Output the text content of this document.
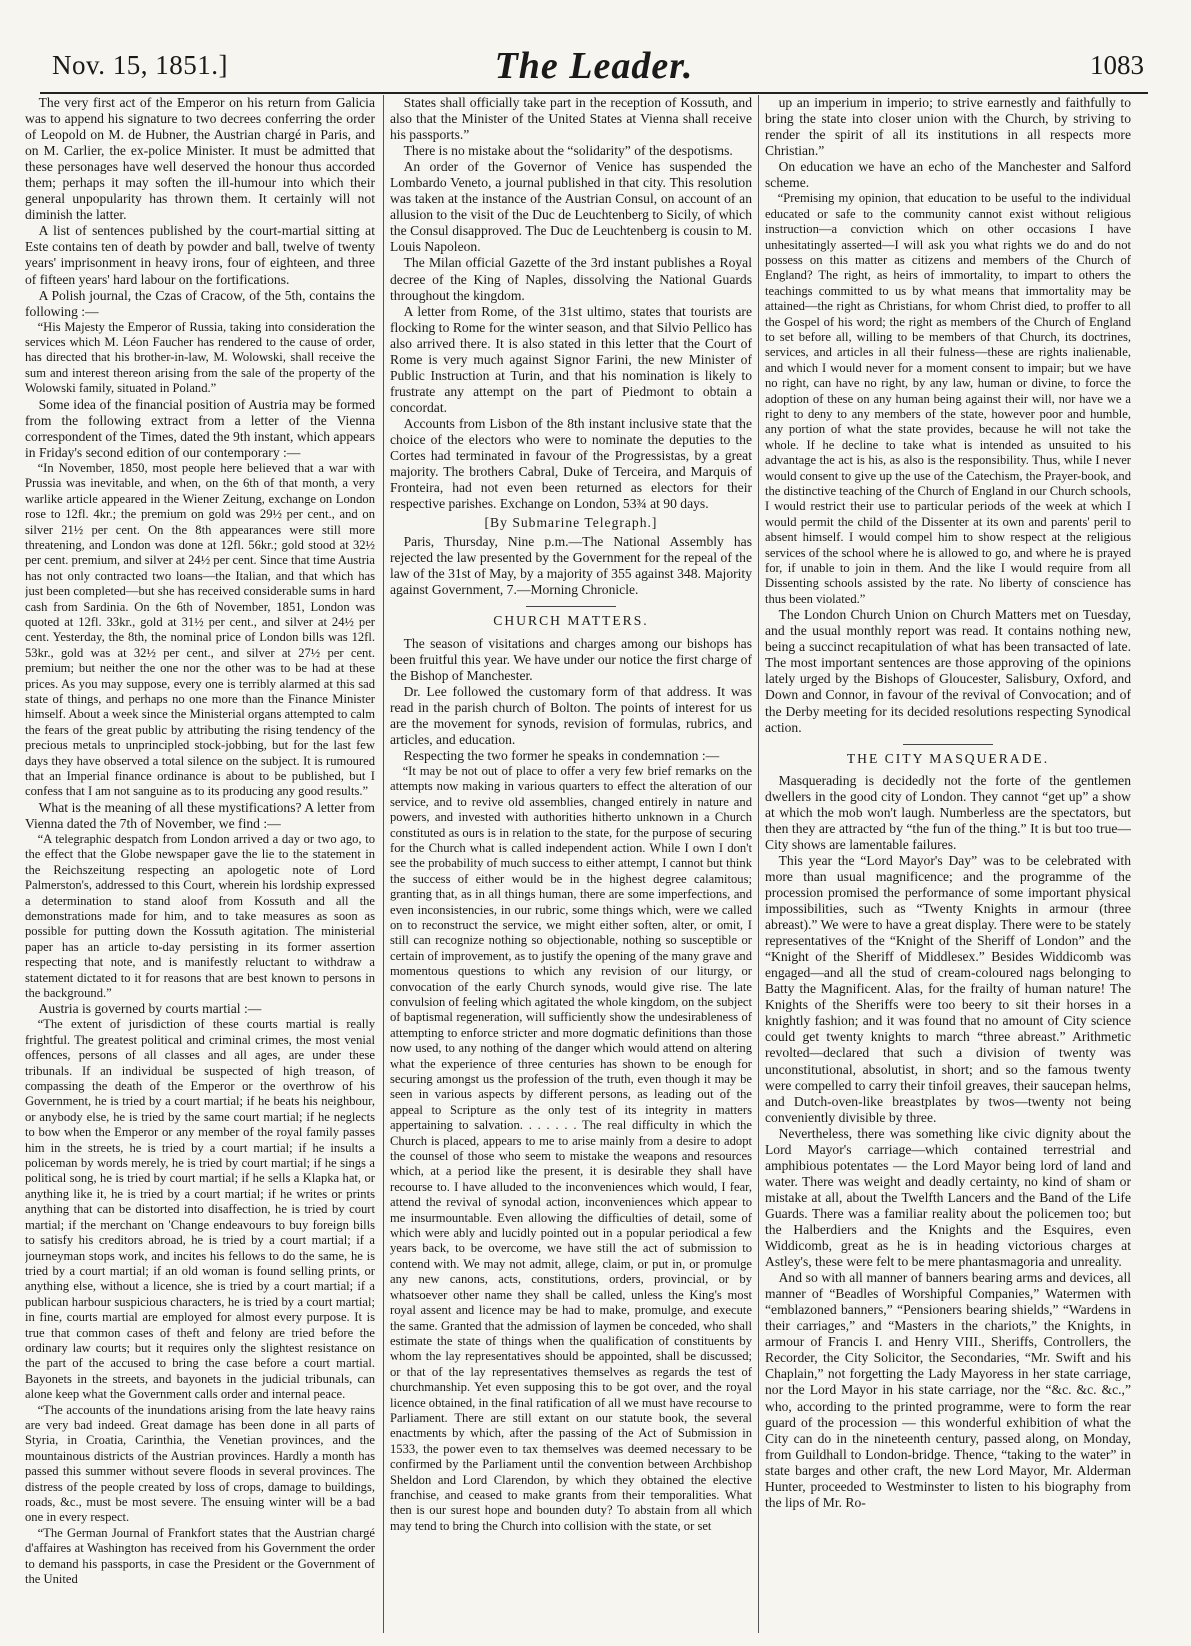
Nov. 15, 1851.]	The Leader.	1083

The very first act of the Emperor on his return from Galicia was to append his signature to two decrees conferring the order of Leopold on M. de Hubner, the Austrian chargé in Paris, and on M. Carlier, the ex-police Minister. It must be admitted that these personages have well deserved the honour thus accorded them; perhaps it may soften the ill-humour into which their general unpopularity has thrown them. It certainly will not diminish the latter.

A list of sentences published by the court-martial sitting at Este contains ten of death by powder and ball, twelve of twenty years' imprisonment in heavy irons, four of eighteen, and three of fifteen years' hard labour on the fortifications.

A Polish journal, the Czas of Cracow, of the 5th, contains the following :—

“His Majesty the Emperor of Russia, taking into consideration the services which M. Léon Faucher has rendered to the cause of order, has directed that his brother-in-law, M. Wolowski, shall receive the sum and interest thereon arising from the sale of the property of the Wolowski family, situated in Poland.”

Some idea of the financial position of Austria may be formed from the following extract from a letter of the Vienna correspondent of the Times, dated the 9th instant, which appears in Friday's second edition of our contemporary :—

“In November, 1850, most people here believed that a war with Prussia was inevitable, and when, on the 6th of that month, a very warlike article appeared in the Wiener Zeitung, exchange on London rose to 12fl. 4kr.; the premium on gold was 29½ per cent., and on silver 21½ per cent. On the 8th appearances were still more threatening, and London was done at 12fl. 56kr.; gold stood at 32½ per cent. premium, and silver at 24½ per cent. Since that time Austria has not only contracted two loans—the Italian, and that which has just been completed—but she has received considerable sums in hard cash from Sardinia. On the 6th of November, 1851, London was quoted at 12fl. 33kr., gold at 31½ per cent., and silver at 24½ per cent. Yesterday, the 8th, the nominal price of London bills was 12fl. 53kr., gold was at 32½ per cent., and silver at 27½ per cent. premium; but neither the one nor the other was to be had at these prices. As you may suppose, every one is terribly alarmed at this sad state of things, and perhaps no one more than the Finance Minister himself. About a week since the Ministerial organs attempted to calm the fears of the great public by attributing the rising tendency of the precious metals to unprincipled stock-jobbing, but for the last few days they have observed a total silence on the subject. It is rumoured that an Imperial finance ordinance is about to be published, but I confess that I am not sanguine as to its producing any good results.”

What is the meaning of all these mystifications? A letter from Vienna dated the 7th of November, we find :—

“A telegraphic despatch from London arrived a day or two ago, to the effect that the Globe newspaper gave the lie to the statement in the Reichszeitung respecting an apologetic note of Lord Palmerston's, addressed to this Court, wherein his lordship expressed a determination to stand aloof from Kossuth and all the demonstrations made for him, and to take measures as soon as possible for putting down the Kossuth agitation. The ministerial paper has an article to-day persisting in its former assertion respecting that note, and is manifestly reluctant to withdraw a statement dictated to it for reasons that are best known to persons in the background.”

Austria is governed by courts martial :—

“The extent of jurisdiction of these courts martial is really frightful. The greatest political and criminal crimes, the most venial offences, persons of all classes and all ages, are under these tribunals. If an individual be suspected of high treason, of compassing the death of the Emperor or the overthrow of his Government, he is tried by a court martial; if he beats his neighbour, or anybody else, he is tried by the same court martial; if he neglects to bow when the Emperor or any member of the royal family passes him in the streets, he is tried by a court martial; if he insults a policeman by words merely, he is tried by court martial; if he sings a political song, he is tried by court martial; if he sells a Klapka hat, or anything like it, he is tried by a court martial; if he writes or prints anything that can be distorted into disaffection, he is tried by court martial; if the merchant on 'Change endeavours to buy foreign bills to satisfy his creditors abroad, he is tried by a court martial; if a journeyman stops work, and incites his fellows to do the same, he is tried by a court martial; if an old woman is found selling prints, or anything else, without a licence, she is tried by a court martial; if a publican harbour suspicious characters, he is tried by a court martial; in fine, courts martial are employed for almost every purpose. It is true that common cases of theft and felony are tried before the ordinary law courts; but it requires only the slightest resistance on the part of the accused to bring the case before a court martial. Bayonets in the streets, and bayonets in the judicial tribunals, can alone keep what the Government calls order and internal peace.

“The accounts of the inundations arising from the late heavy rains are very bad indeed. Great damage has been done in all parts of Styria, in Croatia, Carinthia, the Venetian provinces, and the mountainous districts of the Austrian provinces. Hardly a month has passed this summer without severe floods in several provinces. The distress of the people created by loss of crops, damage to buildings, roads, &c., must be most severe. The ensuing winter will be a bad one in every respect.

“The German Journal of Frankfort states that the Austrian chargé d'affaires at Washington has received from his Government the order to demand his passports, in case the President or the Government of the United

States shall officially take part in the reception of Kossuth, and also that the Minister of the United States at Vienna shall receive his passports.”

There is no mistake about the “solidarity” of the despotisms.

An order of the Governor of Venice has suspended the Lombardo Veneto, a journal published in that city. This resolution was taken at the instance of the Austrian Consul, on account of an allusion to the visit of the Duc de Leuchtenberg to Sicily, of which the Consul disapproved. The Duc de Leuchtenberg is cousin to M. Louis Napoleon.

The Milan official Gazette of the 3rd instant publishes a Royal decree of the King of Naples, dissolving the National Guards throughout the kingdom.

A letter from Rome, of the 31st ultimo, states that tourists are flocking to Rome for the winter season, and that Silvio Pellico has also arrived there. It is also stated in this letter that the Court of Rome is very much against Signor Farini, the new Minister of Public Instruction at Turin, and that his nomination is likely to frustrate any attempt on the part of Piedmont to obtain a concordat.

Accounts from Lisbon of the 8th instant inclusive state that the choice of the electors who were to nominate the deputies to the Cortes had terminated in favour of the Progressistas, by a great majority. The brothers Cabral, Duke of Terceira, and Marquis of Fronteira, had not even been returned as electors for their respective parishes. Exchange on London, 53¾ at 90 days.

[By Submarine Telegraph.]

Paris, Thursday, Nine p.m.—The National Assembly has rejected the law presented by the Government for the repeal of the law of the 31st of May, by a majority of 355 against 348. Majority against Government, 7.—Morning Chronicle.

CHURCH MATTERS.

The season of visitations and charges among our bishops has been fruitful this year. We have under our notice the first charge of the Bishop of Manchester.

Dr. Lee followed the customary form of that address. It was read in the parish church of Bolton. The points of interest for us are the movement for synods, revision of formulas, rubrics, and articles, and education.

Respecting the two former he speaks in condemnation :—

“It may be not out of place to offer a very few brief remarks on the attempts now making in various quarters to effect the alteration of our service, and to revive old assemblies, changed entirely in nature and powers, and invested with authorities hitherto unknown in a Church constituted as ours is in relation to the state, for the purpose of securing for the Church what is called independent action. While I own I don't see the probability of much success to either attempt, I cannot but think the success of either would be in the highest degree calamitous; granting that, as in all things human, there are some imperfections, and even inconsistencies, in our rubric, some things which, were we called on to reconstruct the service, we might either soften, alter, or omit, I still can recognize nothing so objectionable, nothing so susceptible or certain of improvement, as to justify the opening of the many grave and momentous questions to which any revision of our liturgy, or convocation of the early Church synods, would give rise. The late convulsion of feeling which agitated the whole kingdom, on the subject of baptismal regeneration, will sufficiently show the undesirableness of attempting to enforce stricter and more dogmatic definitions than those now used, to any nothing of the danger which would attend on altering what the experience of three centuries has shown to be enough for securing amongst us the profession of the truth, even though it may be seen in various aspects by different persons, as leading out of the appeal to Scripture as the only test of its integrity in matters appertaining to salvation. . . . . . . The real difficulty in which the Church is placed, appears to me to arise mainly from a desire to adopt the counsel of those who seem to mistake the weapons and resources which, at a period like the present, it is desirable they shall have recourse to. I have alluded to the inconveniences which would, I fear, attend the revival of synodal action, inconveniences which appear to me insurmountable. Even allowing the difficulties of detail, some of which were ably and lucidly pointed out in a popular periodical a few years back, to be overcome, we have still the act of submission to contend with. We may not admit, allege, claim, or put in, or promulge any new canons, acts, constitutions, orders, provincial, or by whatsoever other name they shall be called, unless the King's most royal assent and licence may be had to make, promulge, and execute the same. Granted that the admission of laymen be conceded, who shall estimate the state of things when the qualification of constituents by whom the lay representatives should be appointed, shall be discussed; or that of the lay representatives themselves as regards the test of churchmanship. Yet even supposing this to be got over, and the royal licence obtained, in the final ratification of all we must have recourse to Parliament. There are still extant on our statute book, the several enactments by which, after the passing of the Act of Submission in 1533, the power even to tax themselves was deemed necessary to be confirmed by the Parliament until the convention between Archbishop Sheldon and Lord Clarendon, by which they obtained the elective franchise, and ceased to make grants from their temporalities. What then is our surest hope and bounden duty? To abstain from all which may tend to bring the Church into collision with the state, or set

up an imperium in imperio; to strive earnestly and faithfully to bring the state into closer union with the Church, by striving to render the spirit of all its institutions in all respects more Christian.”

On education we have an echo of the Manchester and Salford scheme.

“Premising my opinion, that education to be useful to the individual educated or safe to the community cannot exist without religious instruction—a conviction which on other occasions I have unhesitatingly asserted—I will ask you what rights we do and do not possess on this matter as citizens and members of the Church of England? The right, as heirs of immortality, to impart to others the teachings committed to us by what means that immortality may be attained—the right as Christians, for whom Christ died, to proffer to all the Gospel of his word; the right as members of the Church of England to set before all, willing to be members of that Church, its doctrines, services, and articles in all their fulness—these are rights inalienable, and which I would never for a moment consent to impair; but we have no right, can have no right, by any law, human or divine, to force the adoption of these on any human being against their will, nor have we a right to deny to any members of the state, however poor and humble, any portion of what the state provides, because he will not take the whole. If he decline to take what is intended as unsuited to his advantage the act is his, as also is the responsibility. Thus, while I never would consent to give up the use of the Catechism, the Prayer-book, and the distinctive teaching of the Church of England in our Church schools, I would restrict their use to particular periods of the week at which I would permit the child of the Dissenter at its own and parents' peril to absent himself. I would compel him to show respect at the religious services of the school where he is allowed to go, and where he is prayed for, if unable to join in them. And the like I would require from all Dissenting schools assisted by the rate. No liberty of conscience has thus been violated.”

The London Church Union on Church Matters met on Tuesday, and the usual monthly report was read. It contains nothing new, being a succinct recapitulation of what has been transacted of late. The most important sentences are those approving of the opinions lately urged by the Bishops of Gloucester, Salisbury, Oxford, and Down and Connor, in favour of the revival of Convocation; and of the Derby meeting for its decided resolutions respecting Synodical action.

THE CITY MASQUERADE.

Masquerading is decidedly not the forte of the gentlemen dwellers in the good city of London. They cannot “get up” a show at which the mob won't laugh. Numberless are the spectators, but then they are attracted by “the fun of the thing.” It is but too true—City shows are lamentable failures.

This year the “Lord Mayor's Day” was to be celebrated with more than usual magnificence; and the programme of the procession promised the performance of some important physical impossibilities, such as “Twenty Knights in armour (three abreast).” We were to have a great display. There were to be stately representatives of the “Knight of the Sheriff of London” and the “Knight of the Sheriff of Middlesex.” Besides Widdicomb was engaged—and all the stud of cream-coloured nags belonging to Batty the Magnificent. Alas, for the frailty of human nature! The Knights of the Sheriffs were too beery to sit their horses in a knightly fashion; and it was found that no amount of City science could get twenty knights to march “three abreast.” Arithmetic revolted—declared that such a division of twenty was unconstitutional, absolutist, in short; and so the famous twenty were compelled to carry their tinfoil greaves, their saucepan helms, and Dutch-oven-like breastplates by twos—twenty not being conveniently divisible by three.

Nevertheless, there was something like civic dignity about the Lord Mayor's carriage—which contained terrestrial and amphibious potentates — the Lord Mayor being lord of land and water. There was weight and deadly certainty, no kind of sham or mistake at all, about the Twelfth Lancers and the Band of the Life Guards. There was a familiar reality about the policemen too; but the Halberdiers and the Knights and the Esquires, even Widdicomb, great as he is in heading victorious charges at Astley's, these were felt to be mere phantasmagoria and unreality.

And so with all manner of banners bearing arms and devices, all manner of “Beadles of Worshipful Companies,” Watermen with “emblazoned banners,” “Pensioners bearing shields,” “Wardens in their carriages,” and “Masters in the chariots,” the Knights, in armour of Francis I. and Henry VIII., Sheriffs, Controllers, the Recorder, the City Solicitor, the Secondaries, “Mr. Swift and his Chaplain,” not forgetting the Lady Mayoress in her state carriage, nor the Lord Mayor in his state carriage, nor the “&c. &c. &c.,” who, according to the printed programme, were to form the rear guard of the procession — this wonderful exhibition of what the City can do in the nineteenth century, passed along, on Monday, from Guildhall to London-bridge. Thence, “taking to the water” in state barges and other craft, the new Lord Mayor, Mr. Alderman Hunter, proceeded to Westminster to listen to his biography from the lips of Mr. Ro-
